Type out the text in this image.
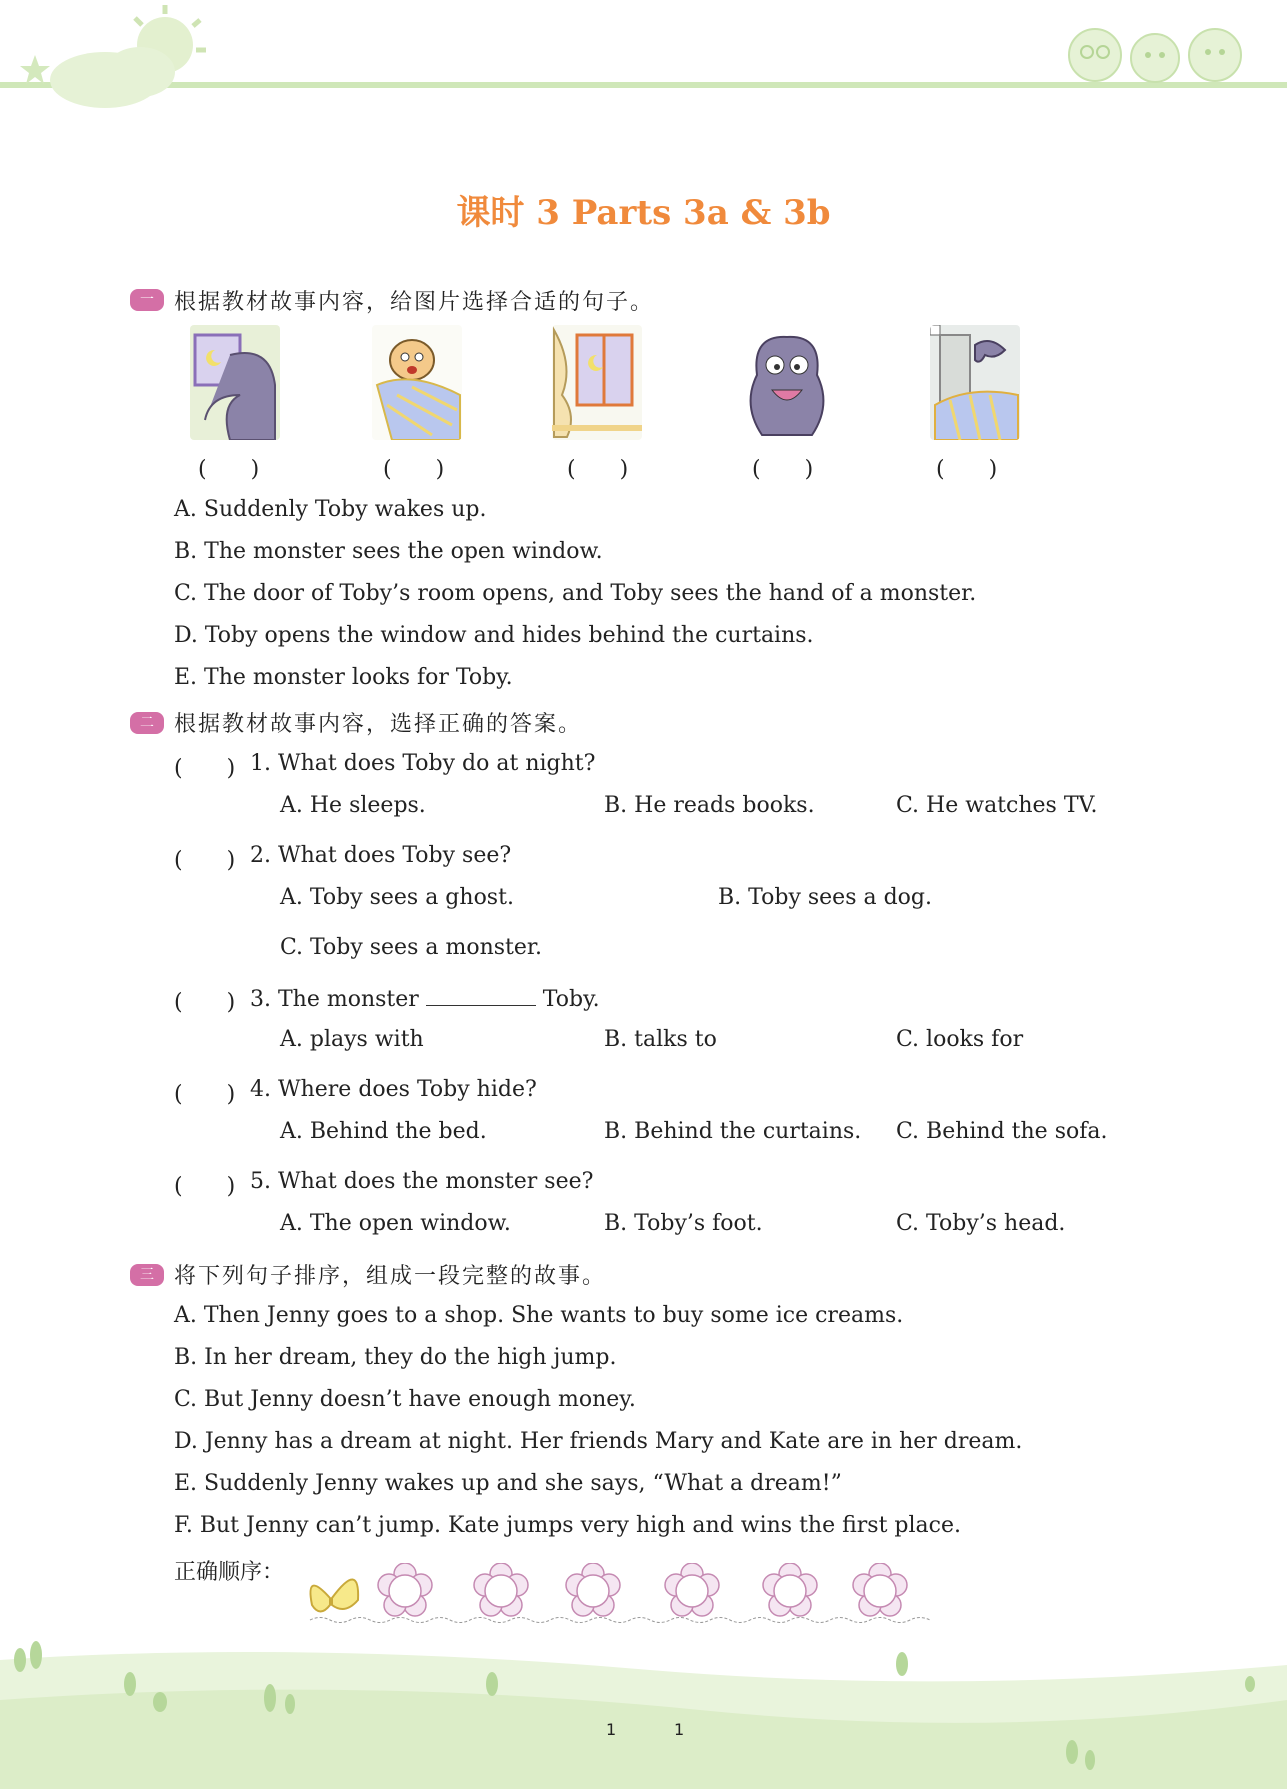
课时 3 Parts 3a & 3b
一 根据教材故事内容，给图片选择合适的句子。
(　　)	(　　)	(　　)	(　　)	(　　)
A. Suddenly Toby wakes up.
B. The monster sees the open window.
C. The door of Toby’s room opens, and Toby sees the hand of a monster.
D. Toby opens the window and hides behind the curtains.
E. The monster looks for Toby.
二 根据教材故事内容，选择正确的答案。
(　　) 1. What does Toby do at night?
A. He sleeps.	B. He reads books.	C. He watches TV.
(　　) 2. What does Toby see?
A. Toby sees a ghost.	B. Toby sees a dog.
C. Toby sees a monster.
(　　) 3. The monster	Toby.
A. plays with	B. talks to	C. looks for
(　　) 4. Where does Toby hide?
A. Behind the bed.	B. Behind the curtains. C. Behind the sofa.
(　　) 5. What does the monster see?
A. The open window.	B. Toby’s foot.	C. Toby’s head.
三 将下列句子排序，组成一段完整的故事。
A. Then Jenny goes to a shop. She wants to buy some ice creams.
B. In her dream, they do the high jump.
C. But Jenny doesn’t have enough money.
D. Jenny has a dream at night. Her friends Mary and Kate are in her dream.
E. Suddenly Jenny wakes up and she says, “What a dream!”
F. But Jenny can’t jump. Kate jumps very high and wins the first place.
正确顺序：
1	1
